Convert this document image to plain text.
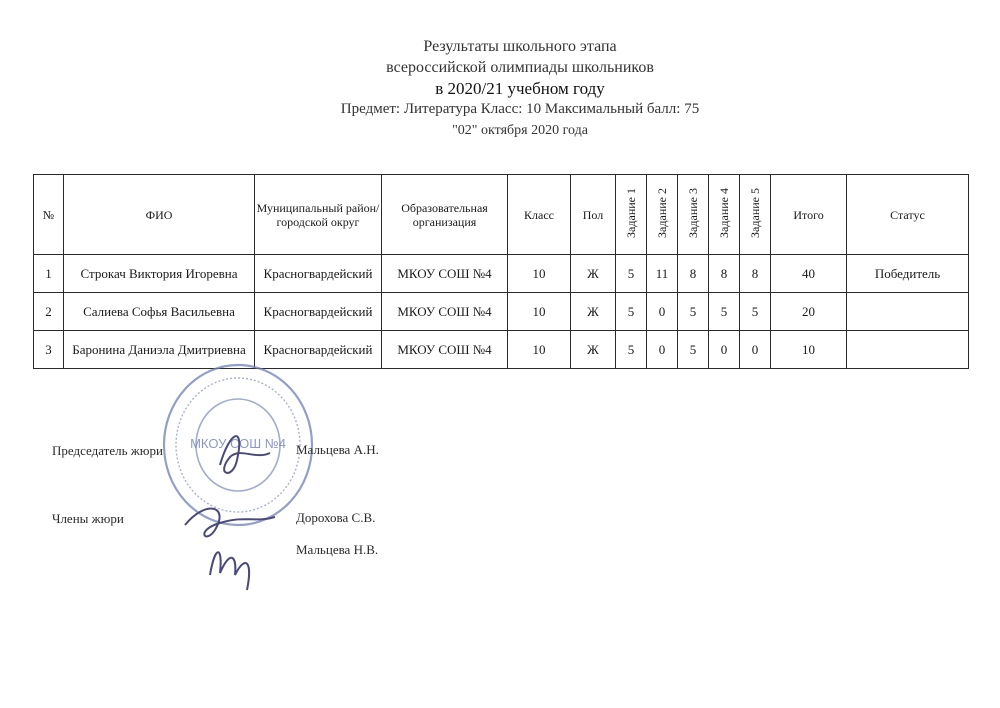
Результаты школьного этапа
всероссийской олимпиады школьников
в 2020/21 учебном году
Предмет: Литература Класс: 10 Максимальный балл: 75
"02" октября 2020 года
№	ФИО	Муниципальный район/городской округ	Образовательная организация	Класс	Пол	Задание 1	Задание 2	Задание 3	Задание 4	Задание 5	Итого	Статус
1	Строкач Виктория Игоревна	Красногвардейский	МКОУ СОШ №4	10	Ж	5	11	8	8	8	40	Победитель
2	Салиева Софья Васильевна	Красногвардейский	МКОУ СОШ №4	10	Ж	5	0	5	5	5	20	
3	Баронина Даниэла Дмитриевна	Красногвардейский	МКОУ СОШ №4	10	Ж	5	0	5	0	0	10	
МКОУ СОШ №4
Председатель жюри	Мальцева А.Н.
Члены жюри	Дорохова С.В.
Мальцева Н.В.
